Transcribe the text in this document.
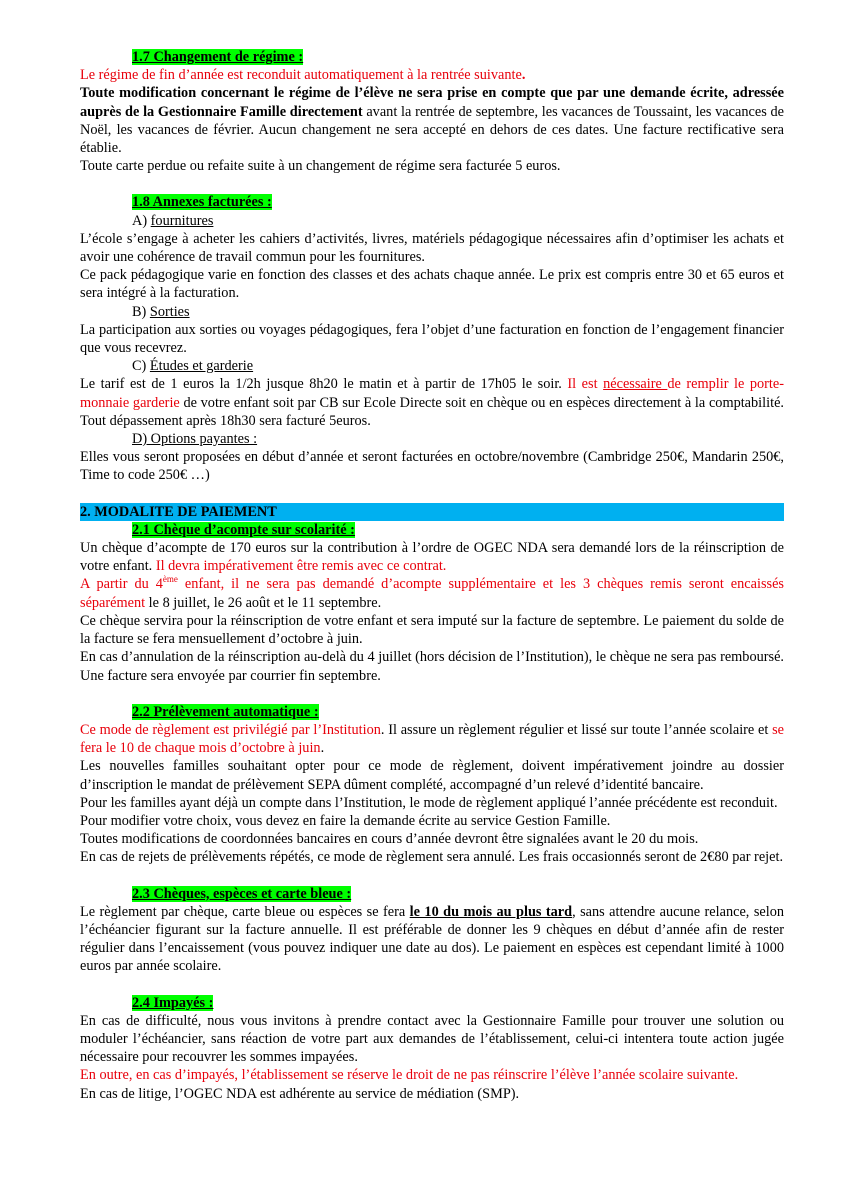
1.7 Changement de régime :

Le régime de fin d’année est reconduit automatiquement à la rentrée suivante.

Toute modification concernant le régime de l’élève ne sera prise en compte que par une demande écrite, adressée auprès de la Gestionnaire Famille directement avant la rentrée de septembre, les vacances de Toussaint, les vacances de Noël, les vacances de février. Aucun changement ne sera accepté en dehors de ces dates. Une facture rectificative sera établie.

Toute carte perdue ou refaite suite à un changement de régime sera facturée 5 euros.

1.8 Annexes facturées :

A) fournitures

L’école s’engage à acheter les cahiers d’activités, livres, matériels pédagogique nécessaires afin d’optimiser les achats et avoir une cohérence de travail commun pour les fournitures.

Ce pack pédagogique varie en fonction des classes et des achats chaque année. Le prix est compris entre 30 et 65 euros et sera intégré à la facturation.

B) Sorties

La participation aux sorties ou voyages pédagogiques, fera l’objet d’une facturation en fonction de l’engagement financier que vous recevrez.

C) Études et garderie

Le tarif est de 1 euros la 1/2h jusque 8h20 le matin et à partir de 17h05 le soir. Il est nécessaire de remplir le porte-monnaie garderie de votre enfant soit par CB sur Ecole Directe soit en chèque ou en espèces directement à la comptabilité. Tout dépassement après 18h30 sera facturé 5euros.

D) Options payantes :

Elles vous seront proposées en début d’année et seront facturées en octobre/novembre (Cambridge 250€, Mandarin 250€, Time to code 250€ …)

2. MODALITE DE PAIEMENT

2.1 Chèque d’acompte sur scolarité :

Un chèque d’acompte de 170 euros sur la contribution à l’ordre de OGEC NDA sera demandé lors de la réinscription de votre enfant. Il devra impérativement être remis avec ce contrat.

A partir du 4ème enfant, il ne sera pas demandé d’acompte supplémentaire et les 3 chèques remis seront encaissés séparément le 8 juillet, le 26 août et le 11 septembre.

Ce chèque servira pour la réinscription de votre enfant et sera imputé sur la facture de septembre. Le paiement du solde de la facture se fera mensuellement d’octobre à juin.

En cas d’annulation de la réinscription au-delà du 4 juillet (hors décision de l’Institution), le chèque ne sera pas remboursé. Une facture sera envoyée par courrier fin septembre.

2.2 Prélèvement automatique :

Ce mode de règlement est privilégié par l’Institution. Il assure un règlement régulier et lissé sur toute l’année scolaire et se fera le 10 de chaque mois d’octobre à juin.

Les nouvelles familles souhaitant opter pour ce mode de règlement, doivent impérativement joindre au dossier d’inscription le mandat de prélèvement SEPA dûment complété, accompagné d’un relevé d’identité bancaire.

Pour les familles ayant déjà un compte dans l’Institution, le mode de règlement appliqué l’année précédente est reconduit.

Pour modifier votre choix, vous devez en faire la demande écrite au service Gestion Famille.

Toutes modifications de coordonnées bancaires en cours d’année devront être signalées avant le 20 du mois.

En cas de rejets de prélèvements répétés, ce mode de règlement sera annulé. Les frais occasionnés seront de 2€80 par rejet.

2.3 Chèques, espèces et carte bleue :

Le règlement par chèque, carte bleue ou espèces se fera le 10 du mois au plus tard, sans attendre aucune relance, selon l’échéancier figurant sur la facture annuelle. Il est préférable de donner les 9 chèques en début d’année afin de rester régulier dans l’encaissement (vous pouvez indiquer une date au dos). Le paiement en espèces est cependant limité à 1000 euros par année scolaire.

2.4 Impayés :

En cas de difficulté, nous vous invitons à prendre contact avec la Gestionnaire Famille pour trouver une solution ou moduler l’échéancier, sans réaction de votre part aux demandes de l’établissement, celui-ci intentera toute action jugée nécessaire pour recouvrer les sommes impayées.

En outre, en cas d’impayés, l’établissement se réserve le droit de ne pas réinscrire l’élève l’année scolaire suivante.

En cas de litige, l’OGEC NDA est adhérente au service de médiation (SMP).
